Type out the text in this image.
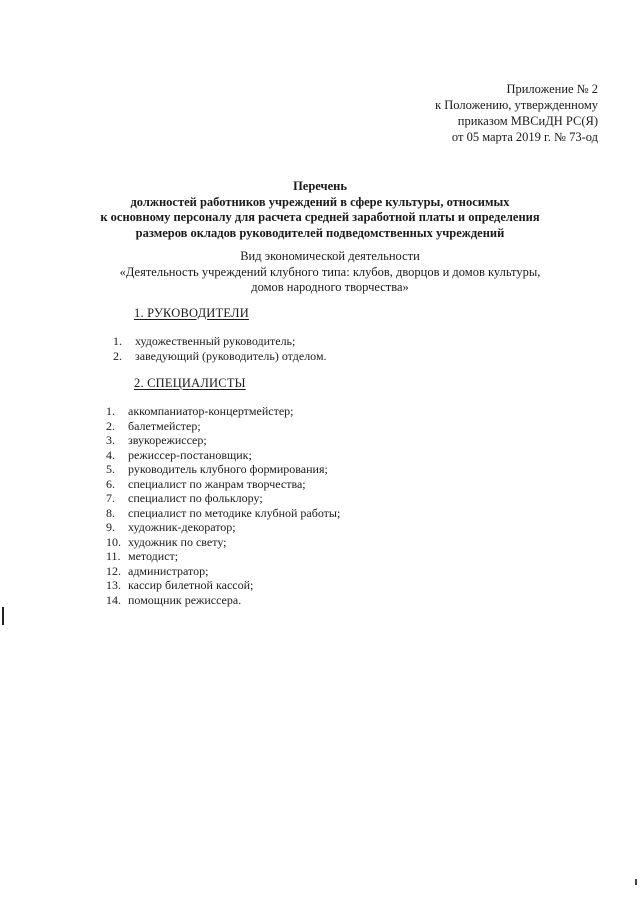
Приложение № 2
к Положению, утвержденному
приказом МВСиДН РС(Я)
от 05 марта 2019 г. № 73-од
Перечень
должностей работников учреждений в сфере культуры, относимых
к основному персоналу для расчета средней заработной платы и определения
размеров окладов руководителей подведомственных учреждений
Вид экономической деятельности
«Деятельность учреждений клубного типа: клубов, дворцов и домов культуры,
домов народного творчества»
1. РУКОВОДИТЕЛИ
1. художественный руководитель;
2. заведующий (руководитель) отделом.
2. СПЕЦИАЛИСТЫ
1. аккомпаниатор-концертмейстер;
2. балетмейстер;
3. звукорежиссер;
4. режиссер-постановщик;
5. руководитель клубного формирования;
6. специалист по жанрам творчества;
7. специалист по фольклору;
8. специалист по методике клубной работы;
9. художник-декоратор;
10. художник по свету;
11. методист;
12. администратор;
13. кассир билетной кассой;
14. помощник режиссера.
